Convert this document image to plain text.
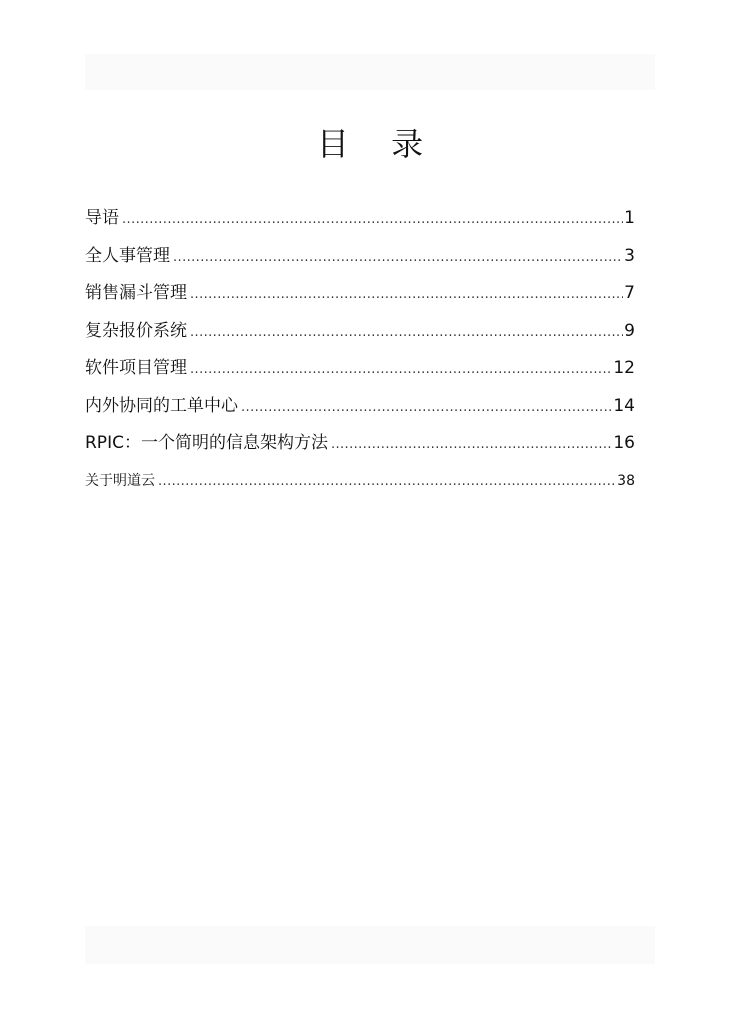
目 录
导语 .....	1
全人事管理 .....	3
销售漏斗管理 .....	7
复杂报价系统 .....	9
软件项目管理 .....	12
内外协同的工单中心 .....	14
RPIC：一个简明的信息架构方法 .....	16
关于明道云 .....	38
